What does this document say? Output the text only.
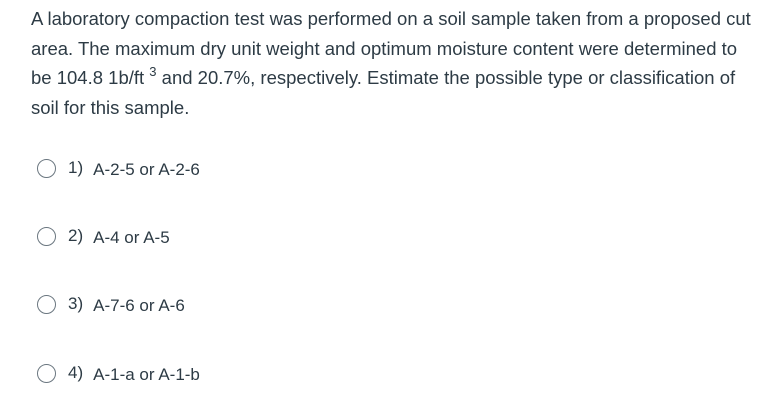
A laboratory compaction test was performed on a soil sample taken from a proposed cut area. The maximum dry unit weight and optimum moisture content were determined to be 104.8 1b/ft $^3$ and 20.7%, respectively. Estimate the possible type or classification of soil for this sample.
1) A-2-5 or A-2-6
2) A-4 or A-5
3) A-7-6 or A-6
4) A-1-a or A-1-b
